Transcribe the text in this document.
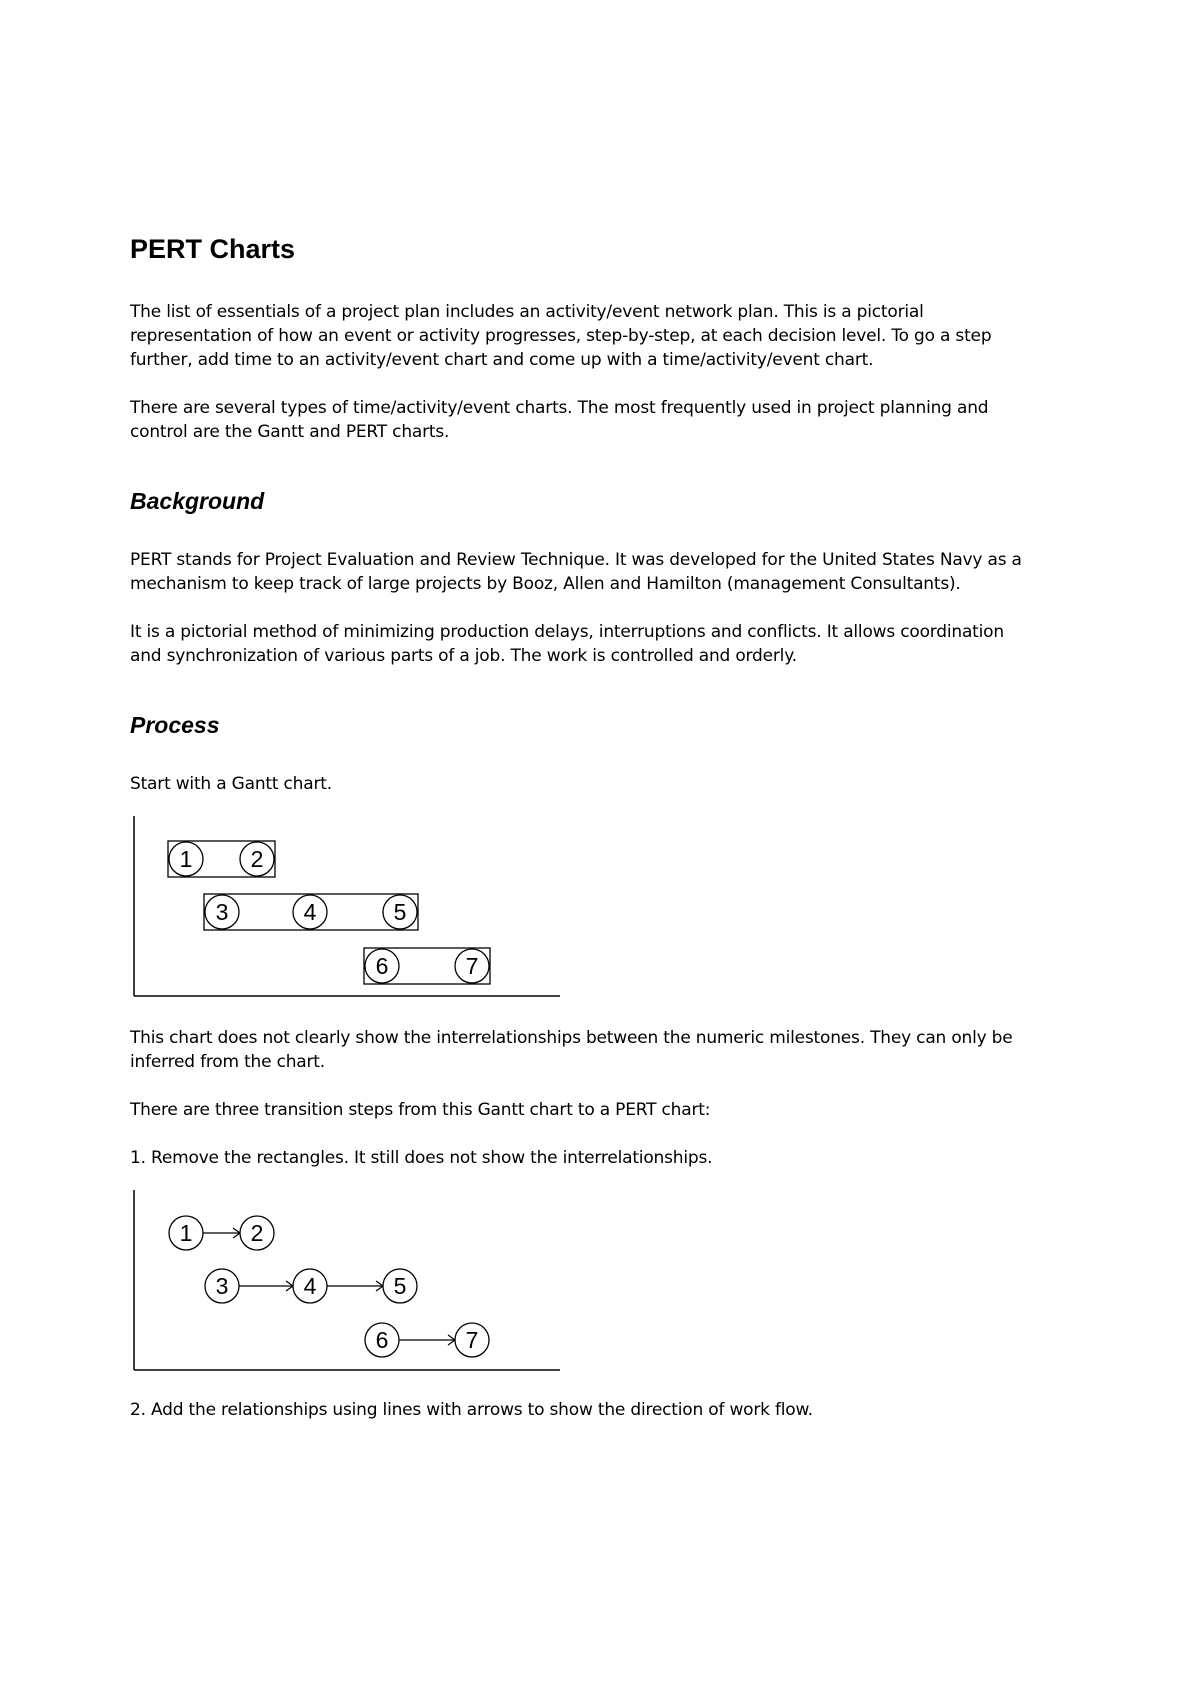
PERT Charts

The list of essentials of a project plan includes an activity/event network plan. This is a pictorial
representation of how an event or activity progresses, step-by-step, at each decision level. To go a step
further, add time to an activity/event chart and come up with a time/activity/event chart.

There are several types of time/activity/event charts. The most frequently used in project planning and
control are the Gantt and PERT charts.

Background

PERT stands for Project Evaluation and Review Technique. It was developed for the United States Navy as a
mechanism to keep track of large projects by Booz, Allen and Hamilton (management Consultants).

It is a pictorial method of minimizing production delays, interruptions and conflicts. It allows coordination
and synchronization of various parts of a job. The work is controlled and orderly.

Process

Start with a Gantt chart.

1	2
3	4	5
6	7

This chart does not clearly show the interrelationships between the numeric milestones. They can only be
inferred from the chart.

There are three transition steps from this Gantt chart to a PERT chart:

1. Remove the rectangles. It still does not show the interrelationships.

1	2
3	4	5
6	7

2. Add the relationships using lines with arrows to show the direction of work flow.
